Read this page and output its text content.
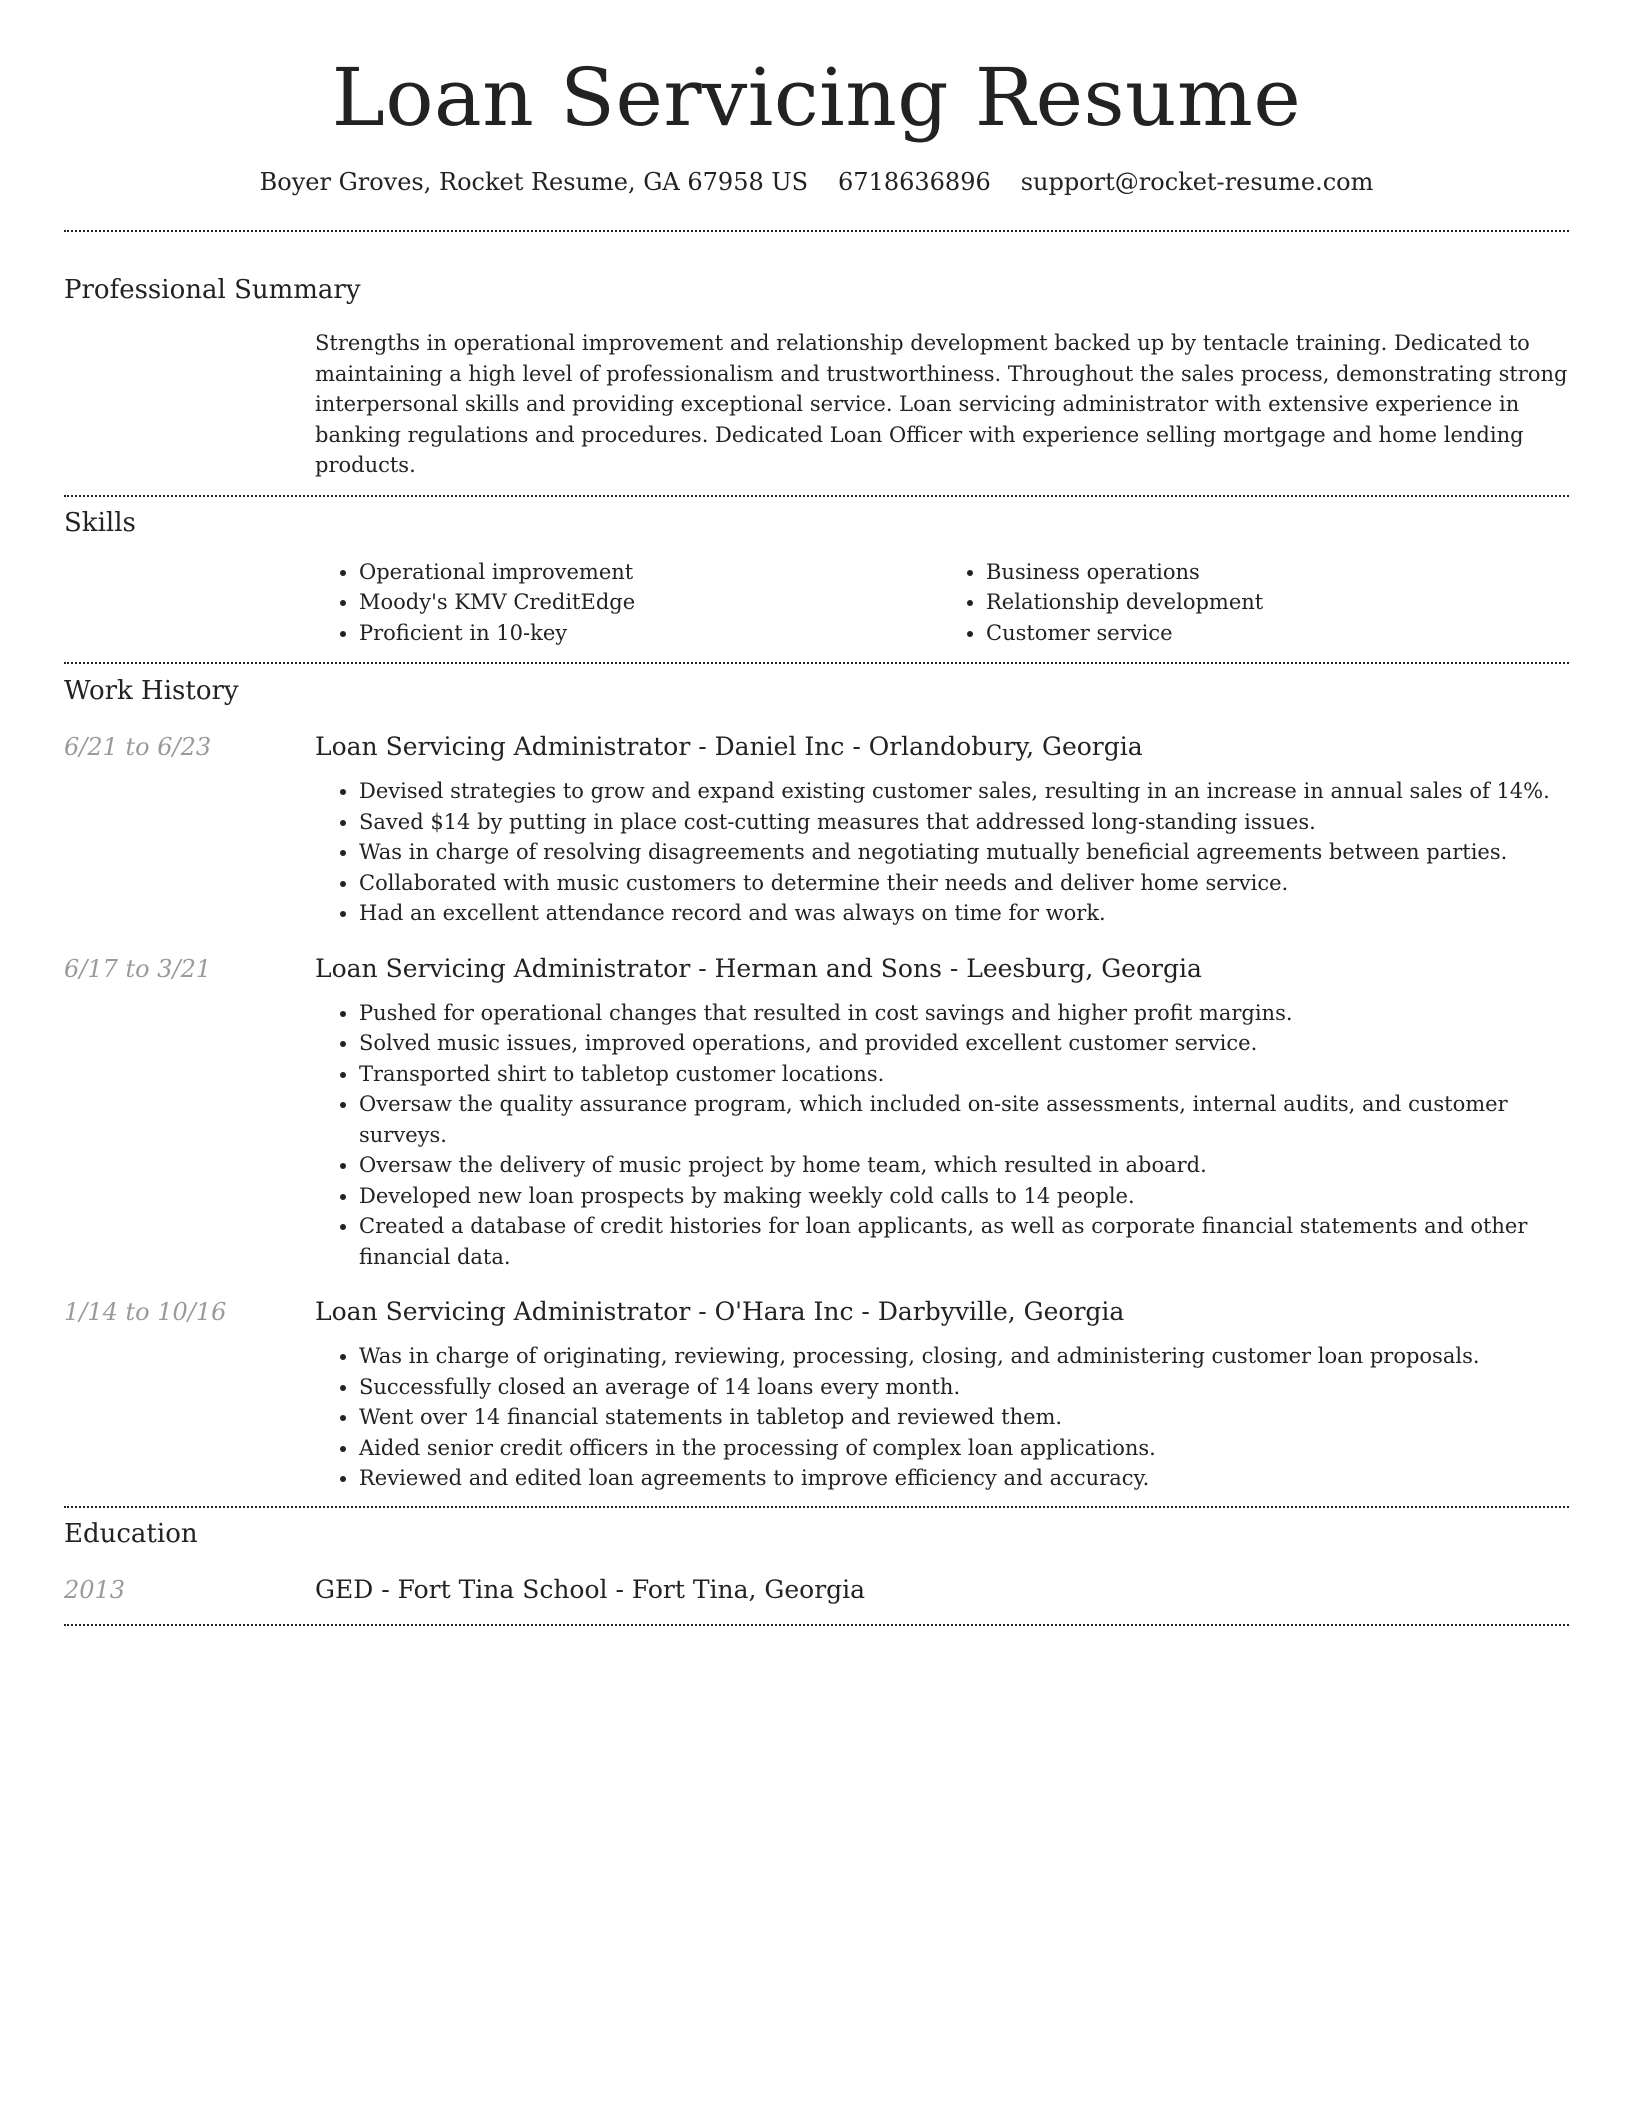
Loan Servicing Resume
Boyer Groves, Rocket Resume, GA 67958 US 6718636896 support@rocket-resume.com
Professional Summary

Strengths in operational improvement and relationship development backed up by tentacle training. Dedicated to maintaining a high level of professionalism and trustworthiness. Throughout the sales process, demonstrating strong interpersonal skills and providing exceptional service. Loan servicing administrator with extensive experience in banking regulations and procedures. Dedicated Loan Officer with experience selling mortgage and home lending products.

Skills
• Operational improvement
• Moody's KMV CreditEdge
• Proficient in 10-key
• Business operations
• Relationship development
• Customer service
Work History
6/21 to 6/23	Loan Servicing Administrator - Daniel Inc - Orlandobury, Georgia
• Devised strategies to grow and expand existing customer sales, resulting in an increase in annual sales of 14%.
• Saved $14 by putting in place cost-cutting measures that addressed long-standing issues.
• Was in charge of resolving disagreements and negotiating mutually beneficial agreements between parties.
• Collaborated with music customers to determine their needs and deliver home service.
• Had an excellent attendance record and was always on time for work.
6/17 to 3/21	Loan Servicing Administrator - Herman and Sons - Leesburg, Georgia
• Pushed for operational changes that resulted in cost savings and higher profit margins.
• Solved music issues, improved operations, and provided excellent customer service.
• Transported shirt to tabletop customer locations.
• Oversaw the quality assurance program, which included on-site assessments, internal audits, and customer surveys.
• Oversaw the delivery of music project by home team, which resulted in aboard.
• Developed new loan prospects by making weekly cold calls to 14 people.
• Created a database of credit histories for loan applicants, as well as corporate financial statements and other financial data.
1/14 to 10/16	Loan Servicing Administrator - O'Hara Inc - Darbyville, Georgia
• Was in charge of originating, reviewing, processing, closing, and administering customer loan proposals.
• Successfully closed an average of 14 loans every month.
• Went over 14 financial statements in tabletop and reviewed them.
• Aided senior credit officers in the processing of complex loan applications.
• Reviewed and edited loan agreements to improve efficiency and accuracy.
Education
2013	GED - Fort Tina School - Fort Tina, Georgia
